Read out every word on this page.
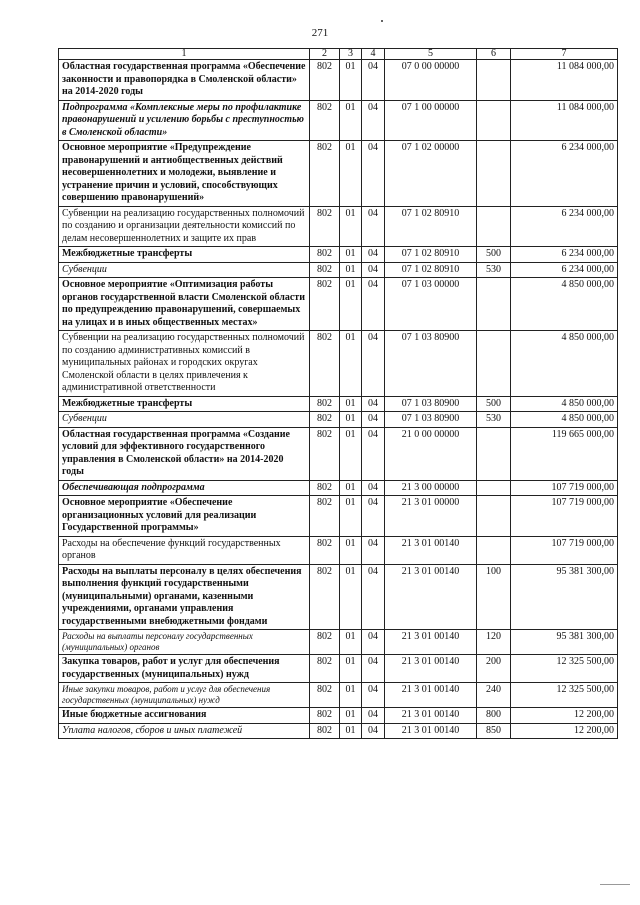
271
1	2	3	4	5	6	7
Областная государственная программа «Обеспечение законности и правопорядка в Смоленской области» на 2014-2020 годы	802	01	04	07 0 00 00000		11 084 000,00
Подпрограмма «Комплексные меры по профилактике правонарушений и усилению борьбы с преступностью в Смоленской области»	802	01	04	07 1 00 00000		11 084 000,00
Основное мероприятие «Предупреждение правонарушений и антиобщественных действий несовершеннолетних и молодежи, выявление и устранение причин и условий, способствующих совершению правонарушений»	802	01	04	07 1 02 00000		6 234 000,00
Субвенции на реализацию государственных полномочий по созданию и организации деятельности комиссий по делам несовершеннолетних и защите их прав	802	01	04	07 1 02 80910		6 234 000,00
Межбюджетные трансферты	802	01	04	07 1 02 80910	500	6 234 000,00
Субвенции	802	01	04	07 1 02 80910	530	6 234 000,00
Основное мероприятие «Оптимизация работы органов государственной власти Смоленской области по предупреждению правонарушений, совершаемых на улицах и в иных общественных местах»	802	01	04	07 1 03 00000		4 850 000,00
Субвенции на реализацию государственных полномочий по созданию административных комиссий в муниципальных районах и городских округах Смоленской области в целях привлечения к административной ответственности	802	01	04	07 1 03 80900		4 850 000,00
Межбюджетные трансферты	802	01	04	07 1 03 80900	500	4 850 000,00
Субвенции	802	01	04	07 1 03 80900	530	4 850 000,00
Областная государственная программа «Создание условий для эффективного государственного управления в Смоленской области» на 2014-2020 годы	802	01	04	21 0 00 00000		119 665 000,00
Обеспечивающая подпрограмма	802	01	04	21 3 00 00000		107 719 000,00
Основное мероприятие «Обеспечение организационных условий для реализации Государственной программы»	802	01	04	21 3 01 00000		107 719 000,00
Расходы на обеспечение функций государственных органов	802	01	04	21 3 01 00140		107 719 000,00
Расходы на выплаты персоналу в целях обеспечения выполнения функций государственными (муниципальными) органами, казенными учреждениями, органами управления государственными внебюджетными фондами	802	01	04	21 3 01 00140	100	95 381 300,00
Расходы на выплаты персоналу государственных (муниципальных) органов	802	01	04	21 3 01 00140	120	95 381 300,00
Закупка товаров, работ и услуг для обеспечения государственных (муниципальных) нужд	802	01	04	21 3 01 00140	200	12 325 500,00
Иные закупки товаров, работ и услуг для обеспечения государственных (муниципальных) нужд	802	01	04	21 3 01 00140	240	12 325 500,00
Иные бюджетные ассигнования	802	01	04	21 3 01 00140	800	12 200,00
Уплата налогов, сборов и иных платежей	802	01	04	21 3 01 00140	850	12 200,00
